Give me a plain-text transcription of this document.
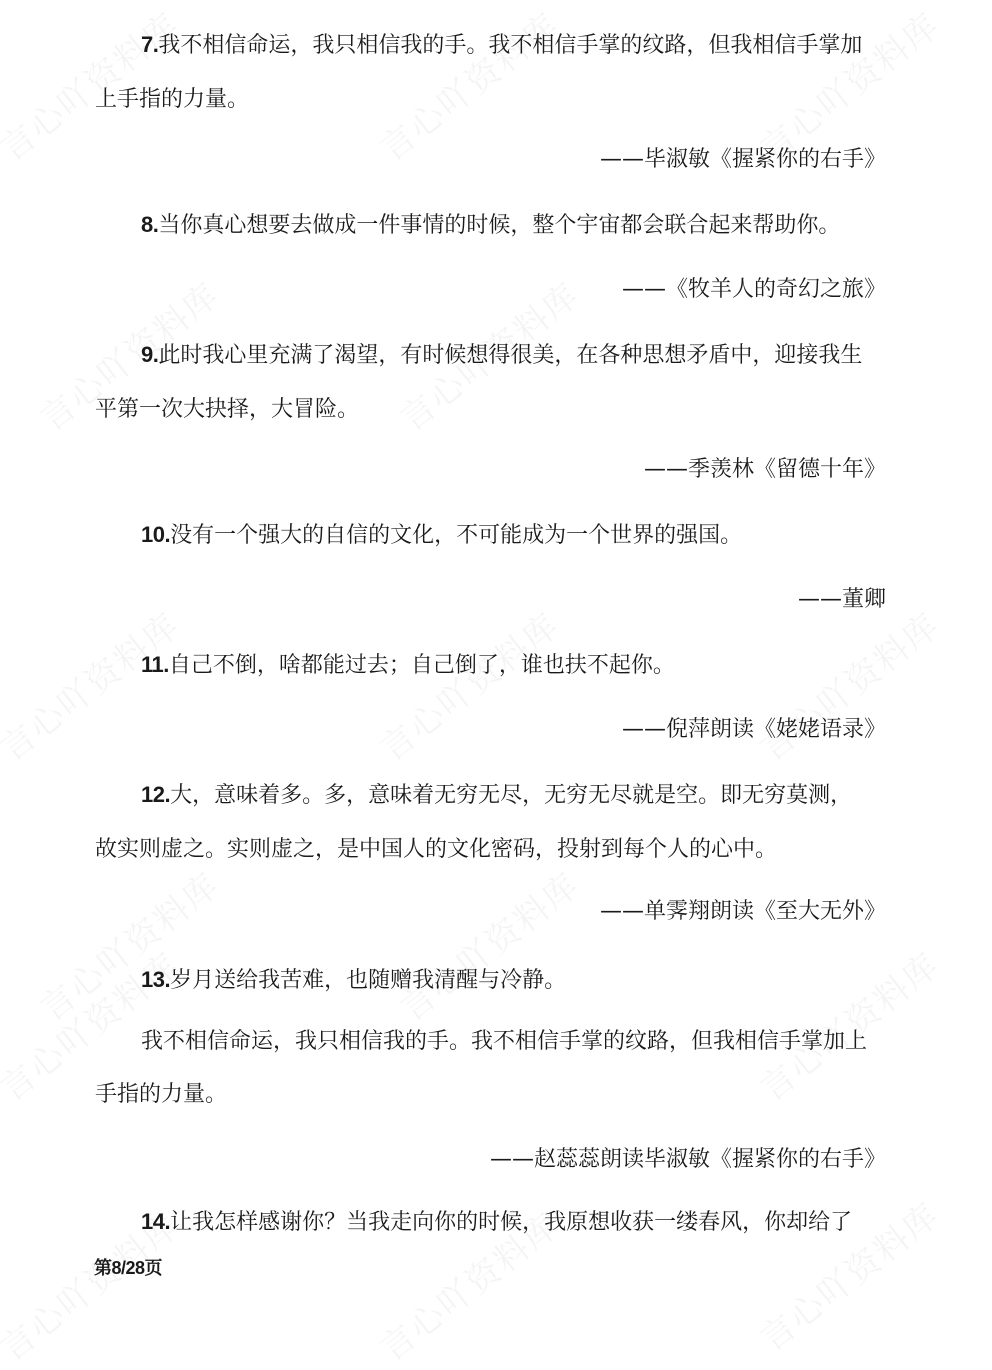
7.我不相信命运，我只相信我的手。我不相信手掌的纹路，但我相信手掌加
上手指的力量。
——毕淑敏《握紧你的右手》
8.当你真心想要去做成一件事情的时候，整个宇宙都会联合起来帮助你。
——《牧羊人的奇幻之旅》
9.此时我心里充满了渴望，有时候想得很美，在各种思想矛盾中，迎接我生
平第一次大抉择，大冒险。
——季羡林《留德十年》
10.没有一个强大的自信的文化，不可能成为一个世界的强国。
——董卿
11.自己不倒，啥都能过去；自己倒了，谁也扶不起你。
——倪萍朗读《姥姥语录》
12.大，意味着多。多，意味着无穷无尽，无穷无尽就是空。即无穷莫测，
故实则虚之。实则虚之，是中国人的文化密码，投射到每个人的心中。
——单霁翔朗读《至大无外》
13.岁月送给我苦难，也随赠我清醒与冷静。
我不相信命运，我只相信我的手。我不相信手掌的纹路，但我相信手掌加上
手指的力量。
——赵蕊蕊朗读毕淑敏《握紧你的右手》
14.让我怎样感谢你？当我走向你的时候，我原想收获一缕春风，你却给了
第8/28页
